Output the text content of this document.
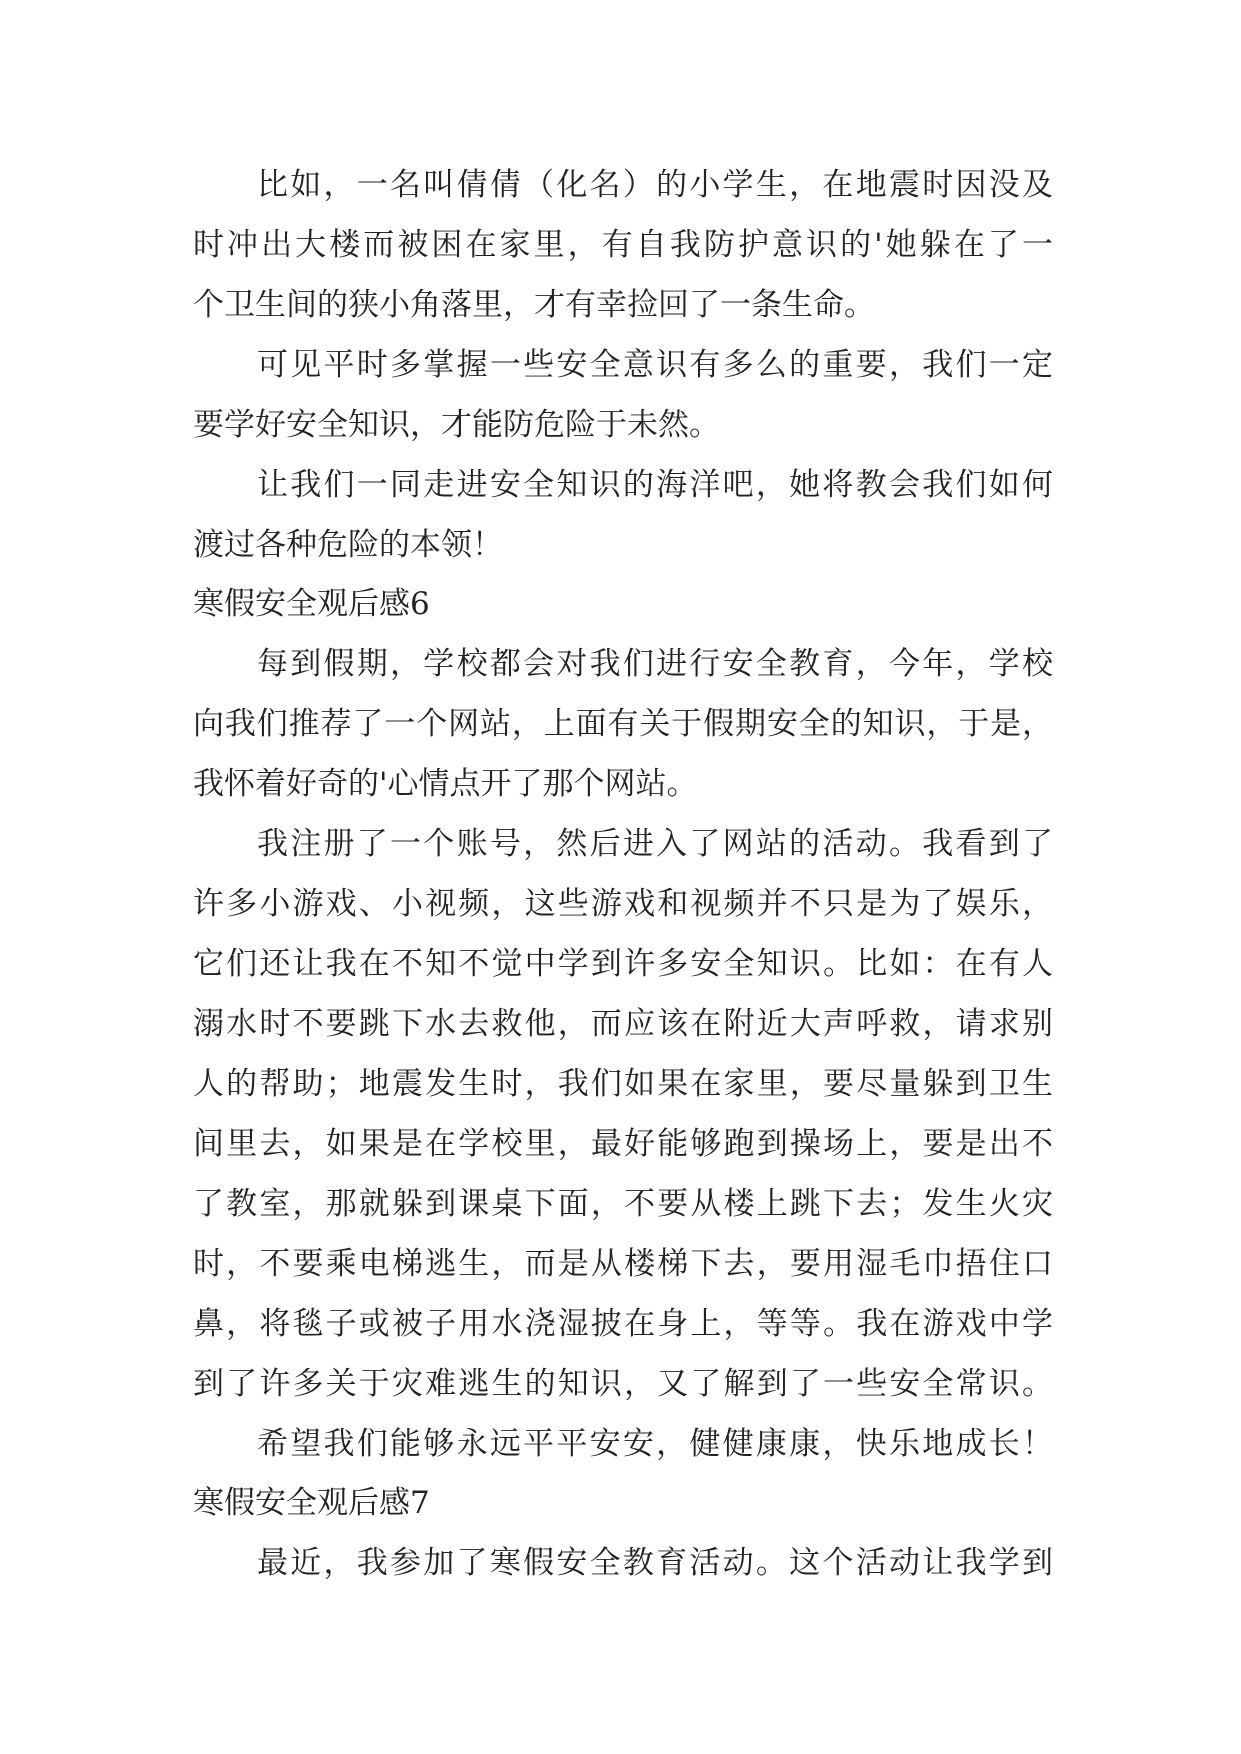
比如，一名叫倩倩（化名）的小学生，在地震时因没及
时冲出大楼而被困在家里，有自我防护意识的'她躲在了一
个卫生间的狭小角落里，才有幸捡回了一条生命。
可见平时多掌握一些安全意识有多么的重要，我们一定
要学好安全知识，才能防危险于未然。
让我们一同走进安全知识的海洋吧，她将教会我们如何
渡过各种危险的本领！
寒假安全观后感6
每到假期，学校都会对我们进行安全教育，今年，学校
向我们推荐了一个网站，上面有关于假期安全的知识，于是，
我怀着好奇的'心情点开了那个网站。
我注册了一个账号，然后进入了网站的活动。我看到了
许多小游戏、小视频，这些游戏和视频并不只是为了娱乐，
它们还让我在不知不觉中学到许多安全知识。比如：在有人
溺水时不要跳下水去救他，而应该在附近大声呼救，请求别
人的帮助；地震发生时，我们如果在家里，要尽量躲到卫生
间里去，如果是在学校里，最好能够跑到操场上，要是出不
了教室，那就躲到课桌下面，不要从楼上跳下去；发生火灾
时，不要乘电梯逃生，而是从楼梯下去，要用湿毛巾捂住口
鼻，将毯子或被子用水浇湿披在身上，等等。我在游戏中学
到了许多关于灾难逃生的知识，又了解到了一些安全常识。
希望我们能够永远平平安安，健健康康，快乐地成长！
寒假安全观后感7
最近，我参加了寒假安全教育活动。这个活动让我学到
